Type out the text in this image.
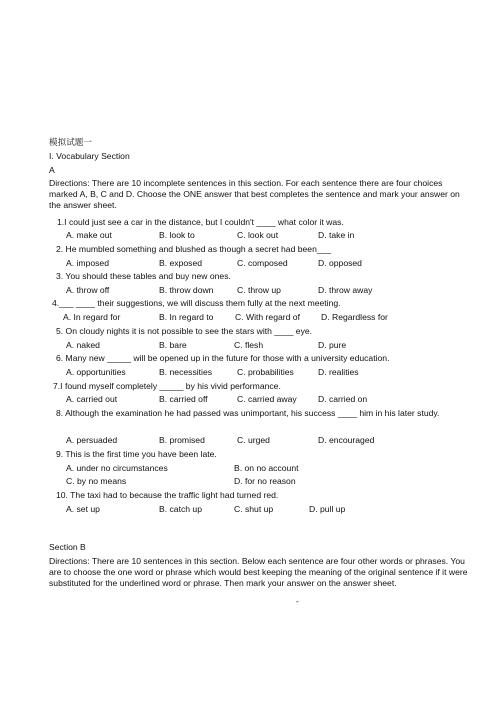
模拟试题一
I. Vocabulary Section
A
Directions: There are 10 incomplete sentences in this section. For each sentence there are four choices marked A, B, C and D. Choose the ONE answer that best completes the sentence and mark your answer on the answer sheet.
1.I could just see a car in the distance, but I couldn't ____ what color it was.
A. make out	B. look to	C. look out	D. take in
2. He mumbled something and blushed as though a secret had been___
A. imposed	B. exposed	C. composed	D. opposed
3. You should these tables and buy new ones.
A. throw off	B. throw down	C. throw up	D. throw away
4.___ ____ their suggestions, we will discuss them fully at the next meeting.
A. In regard for	B. In regard to	C. With regard of D. Regardless for
5. On cloudy nights it is not possible to see the stars with ____ eye.
A. naked	B. bare	C. flesh	D. pure
6. Many new _____ will be opened up in the future for those with a university education.
A. opportunities	B. necessities	C. probabilities	D. realities
7.I found myself completely _____ by his vivid performance.
A. carried out	B. carried off	C. carried away D. carried on
8. Although the examination he had passed was unimportant, his success ____ him in his later study.
A. persuaded	B. promised	C. urged	D. encouraged
9. This is the first time you have been late.
A. under no circumstances	B. on no account
C. by no means	D. for no reason
10. The taxi had to because the traffic light had turned red.
A. set up	B. catch up	C. shut up	D. pull up
Section B
Directions: There are 10 sentences in this section. Below each sentence are four other words or phrases. You are to choose the one word or phrase which would best keeping the meaning of the original sentence if it were substituted for the underlined word or phrase. Then mark your answer on the answer sheet.
-
